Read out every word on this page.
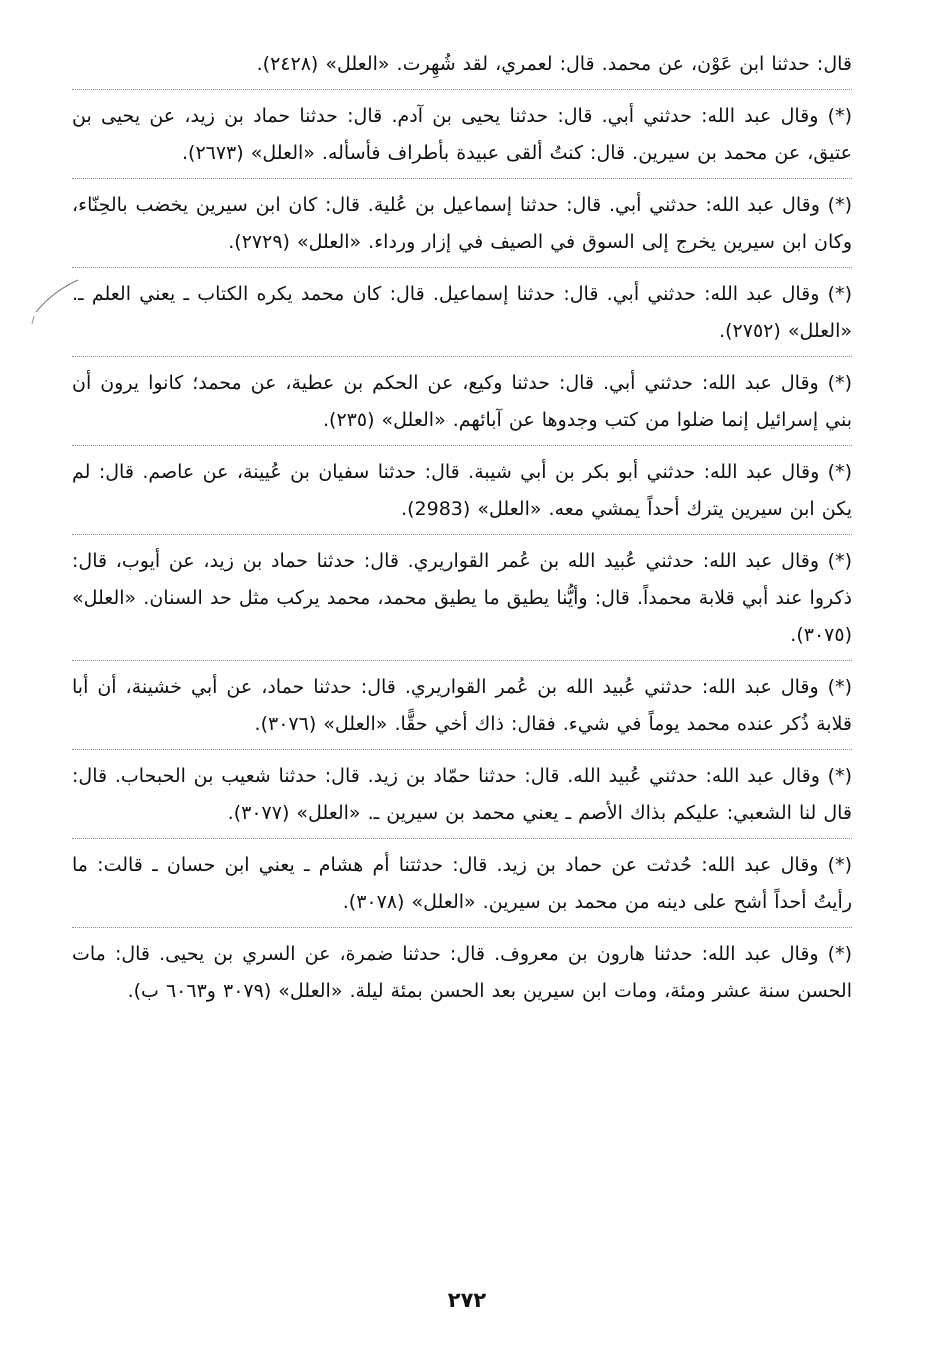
قال: حدثنا ابن عَوْن، عن محمد. قال: لعمري، لقد شُهِرت. «العلل» (٢٤٢٨).

(*) وقال عبد الله: حدثني أبي. قال: حدثنا يحيى بن آدم. قال: حدثنا حماد بن زيد، عن يحيى بن عتيق، عن محمد بن سيرين. قال: كنتُ ألقى عبيدة بأطراف فأسأله. «العلل» (٢٦٧٣).

(*) وقال عبد الله: حدثني أبي. قال: حدثنا إسماعيل بن عُلية. قال: كان ابن سيرين يخضب بالحِنّاء، وكان ابن سيرين يخرج إلى السوق في الصيف في إزار ورداء. «العلل» (٢٧٢٩).

(*) وقال عبد الله: حدثني أبي. قال: حدثنا إسماعيل. قال: كان محمد يكره الكتاب ـ يعني العلم ـ. «العلل» (٢٧٥٢).

(*) وقال عبد الله: حدثني أبي. قال: حدثنا وكيع، عن الحكم بن عطية، عن محمد؛ كانوا يرون أن بني إسرائيل إنما ضلوا من كتب وجدوها عن آبائهم. «العلل» (٢٣٥).

(*) وقال عبد الله: حدثني أبو بكر بن أبي شيبة. قال: حدثنا سفيان بن عُيينة، عن عاصم. قال: لم يكن ابن سيرين يترك أحداً يمشي معه. «العلل» (2983).

(*) وقال عبد الله: حدثني عُبيد الله بن عُمر القواريري. قال: حدثنا حماد بن زيد، عن أيوب، قال: ذكروا عند أبي قلابة محمداً. قال: وأيُّنا يطيق ما يطيق محمد، محمد يركب مثل حد السنان. «العلل» (٣٠٧٥).

(*) وقال عبد الله: حدثني عُبيد الله بن عُمر القواريري. قال: حدثنا حماد، عن أبي خشينة، أن أبا قلابة ذُكر عنده محمد يوماً في شيء. فقال: ذاك أخي حقًّا. «العلل» (٣٠٧٦).

(*) وقال عبد الله: حدثني عُبيد الله. قال: حدثنا حمّاد بن زيد. قال: حدثنا شعيب بن الحبحاب. قال: قال لنا الشعبي: عليكم بذاك الأصم ـ يعني محمد بن سيرين ـ. «العلل» (٣٠٧٧).

(*) وقال عبد الله: حُدثت عن حماد بن زيد. قال: حدثتنا أم هشام ـ يعني ابن حسان ـ قالت: ما رأيتُ أحداً أشح على دينه من محمد بن سيرين. «العلل» (٣٠٧٨).

(*) وقال عبد الله: حدثنا هارون بن معروف. قال: حدثنا ضمرة، عن السري بن يحيى. قال: مات الحسن سنة عشر ومئة، ومات ابن سيرين بعد الحسن بمئة ليلة. «العلل» (٣٠٧٩ و٦٠٦٣ ب).

٢٧٢
